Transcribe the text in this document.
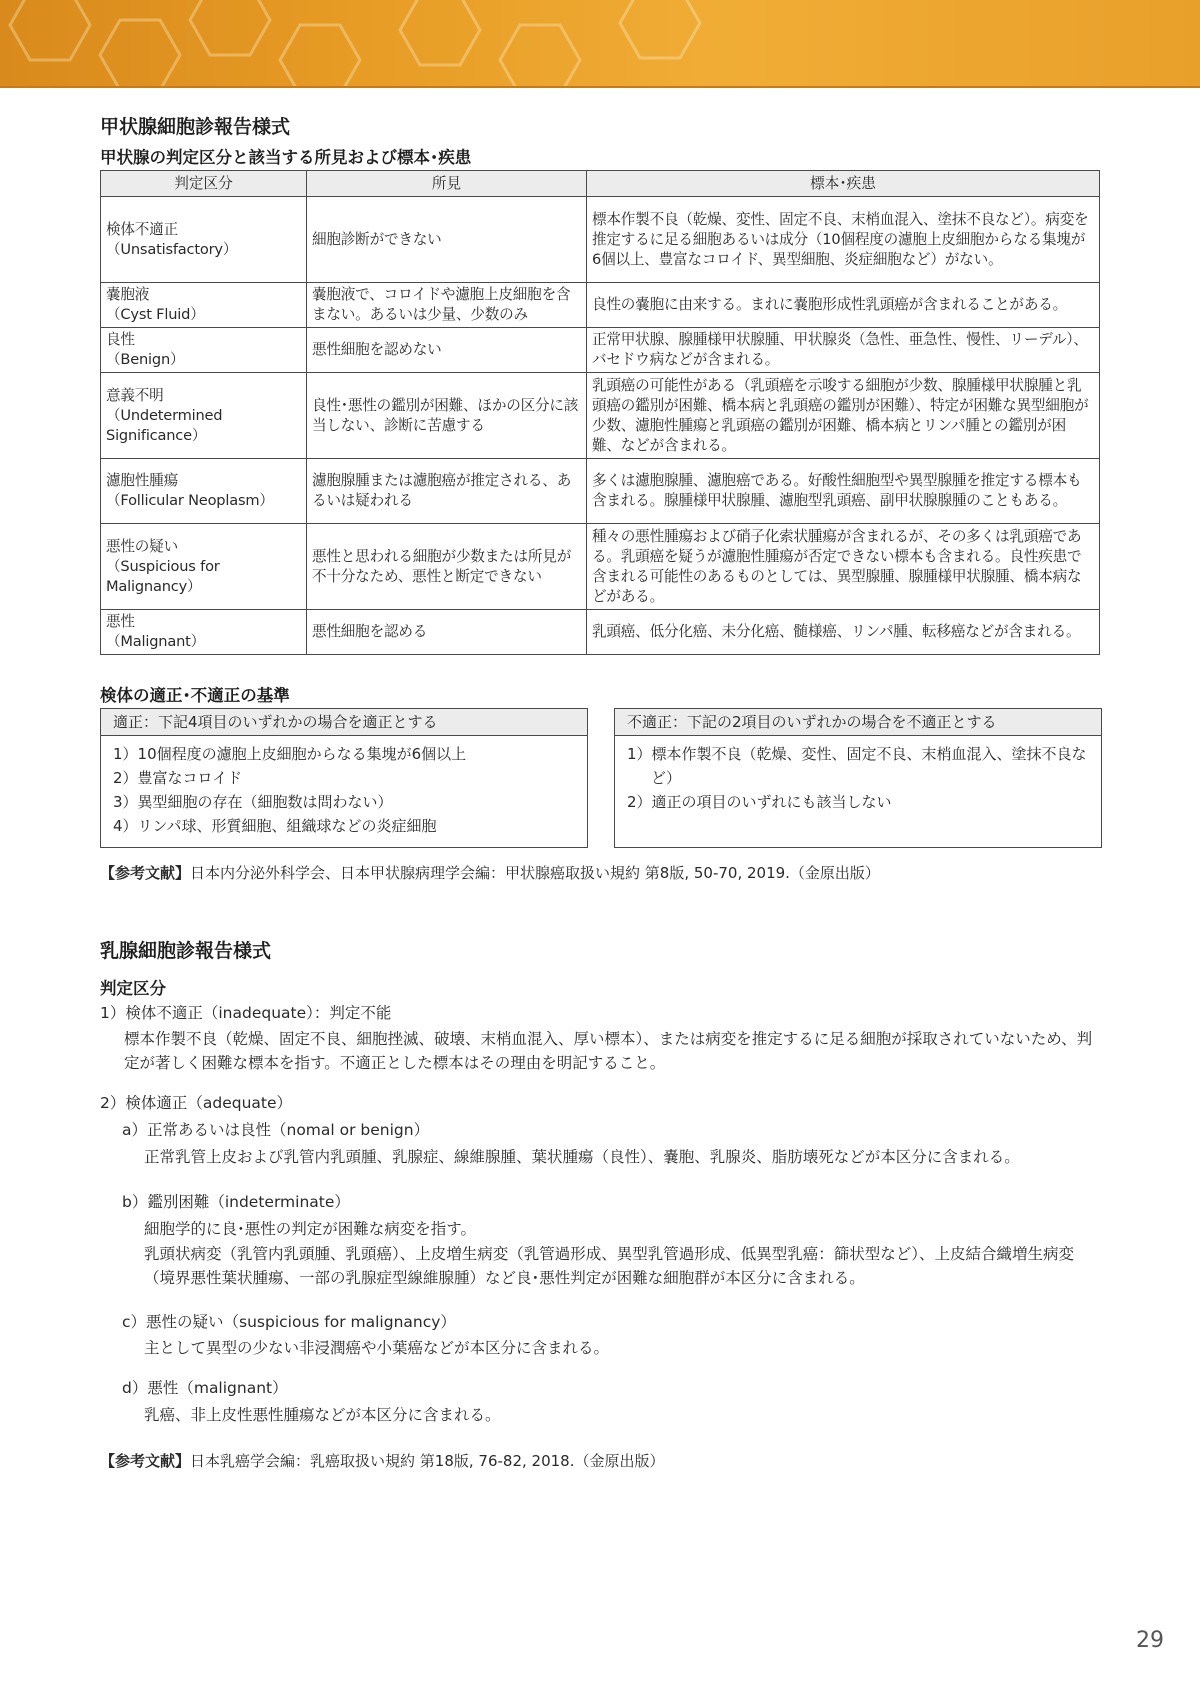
甲状腺細胞診報告様式
甲状腺の判定区分と該当する所見および標本･疾患
判定区分	所見	標本･疾患
検体不適正
（Unsatisfactory）	細胞診断ができない	標本作製不良（乾燥、変性、固定不良、末梢血混入、塗抹不良など）。病変を推定するに足る細胞あるいは成分（10個程度の濾胞上皮細胞からなる集塊が6個以上、豊富なコロイド、異型細胞、炎症細胞など）がない。
嚢胞液
（Cyst Fluid）	嚢胞液で、コロイドや濾胞上皮細胞を含まない。あるいは少量、少数のみ	良性の嚢胞に由来する。まれに嚢胞形成性乳頭癌が含まれることがある。
良性
（Benign）	悪性細胞を認めない	正常甲状腺、腺腫様甲状腺腫、甲状腺炎（急性、亜急性、慢性、リーデル）、バセドウ病などが含まれる。
意義不明
（Undetermined
Significance）	良性･悪性の鑑別が困難、ほかの区分に該当しない、診断に苦慮する	乳頭癌の可能性がある（乳頭癌を示唆する細胞が少数、腺腫様甲状腺腫と乳頭癌の鑑別が困難、橋本病と乳頭癌の鑑別が困難）、特定が困難な異型細胞が少数、濾胞性腫瘍と乳頭癌の鑑別が困難、橋本病とリンパ腫との鑑別が困難、などが含まれる。
濾胞性腫瘍
（Follicular Neoplasm）	濾胞腺腫または濾胞癌が推定される、あるいは疑われる	多くは濾胞腺腫、濾胞癌である。好酸性細胞型や異型腺腫を推定する標本も含まれる。腺腫様甲状腺腫、濾胞型乳頭癌、副甲状腺腺腫のこともある。
悪性の疑い
（Suspicious for
Malignancy）	悪性と思われる細胞が少数または所見が不十分なため、悪性と断定できない	種々の悪性腫瘍および硝子化索状腫瘍が含まれるが、その多くは乳頭癌である。乳頭癌を疑うが濾胞性腫瘍が否定できない標本も含まれる。良性疾患で含まれる可能性のあるものとしては、異型腺腫、腺腫様甲状腺腫、橋本病などがある。
悪性
（Malignant）	悪性細胞を認める	乳頭癌、低分化癌、未分化癌、髄様癌、リンパ腫、転移癌などが含まれる。
検体の適正･不適正の基準
適正：下記4項目のいずれかの場合を適正とする
1）10個程度の濾胞上皮細胞からなる集塊が6個以上
2）豊富なコロイド
3）異型細胞の存在（細胞数は問わない）
4）リンパ球、形質細胞、組織球などの炎症細胞
不適正：下記の2項目のいずれかの場合を不適正とする
1）標本作製不良（乾燥、変性、固定不良、末梢血混入、塗抹不良など）
2）適正の項目のいずれにも該当しない
【参考文献】日本内分泌外科学会、日本甲状腺病理学会編：甲状腺癌取扱い規約 第8版, 50-70, 2019.（金原出版）
乳腺細胞診報告様式
判定区分

1）検体不適正（inadequate）：判定不能

標本作製不良（乾燥、固定不良、細胞挫滅、破壊、末梢血混入、厚い標本）、または病変を推定するに足る細胞が採取されていないため、判定が著しく困難な標本を指す。不適正とした標本はその理由を明記すること。

2）検体適正（adequate）

a）正常あるいは良性（nomal or benign）

正常乳管上皮および乳管内乳頭腫、乳腺症、線維腺腫、葉状腫瘍（良性）、嚢胞、乳腺炎、脂肪壊死などが本区分に含まれる。

b）鑑別困難（indeterminate）

細胞学的に良･悪性の判定が困難な病変を指す。

乳頭状病変（乳管内乳頭腫、乳頭癌）、上皮増生病変（乳管過形成、異型乳管過形成、低異型乳癌：篩状型など）、上皮結合織増生病変（境界悪性葉状腫瘍、一部の乳腺症型線維腺腫）など良･悪性判定が困難な細胞群が本区分に含まれる。

c）悪性の疑い（suspicious for malignancy）

主として異型の少ない非浸潤癌や小葉癌などが本区分に含まれる。

d）悪性（malignant）

乳癌、非上皮性悪性腫瘍などが本区分に含まれる。

【参考文献】日本乳癌学会編：乳癌取扱い規約 第18版, 76-82, 2018.（金原出版）
29
